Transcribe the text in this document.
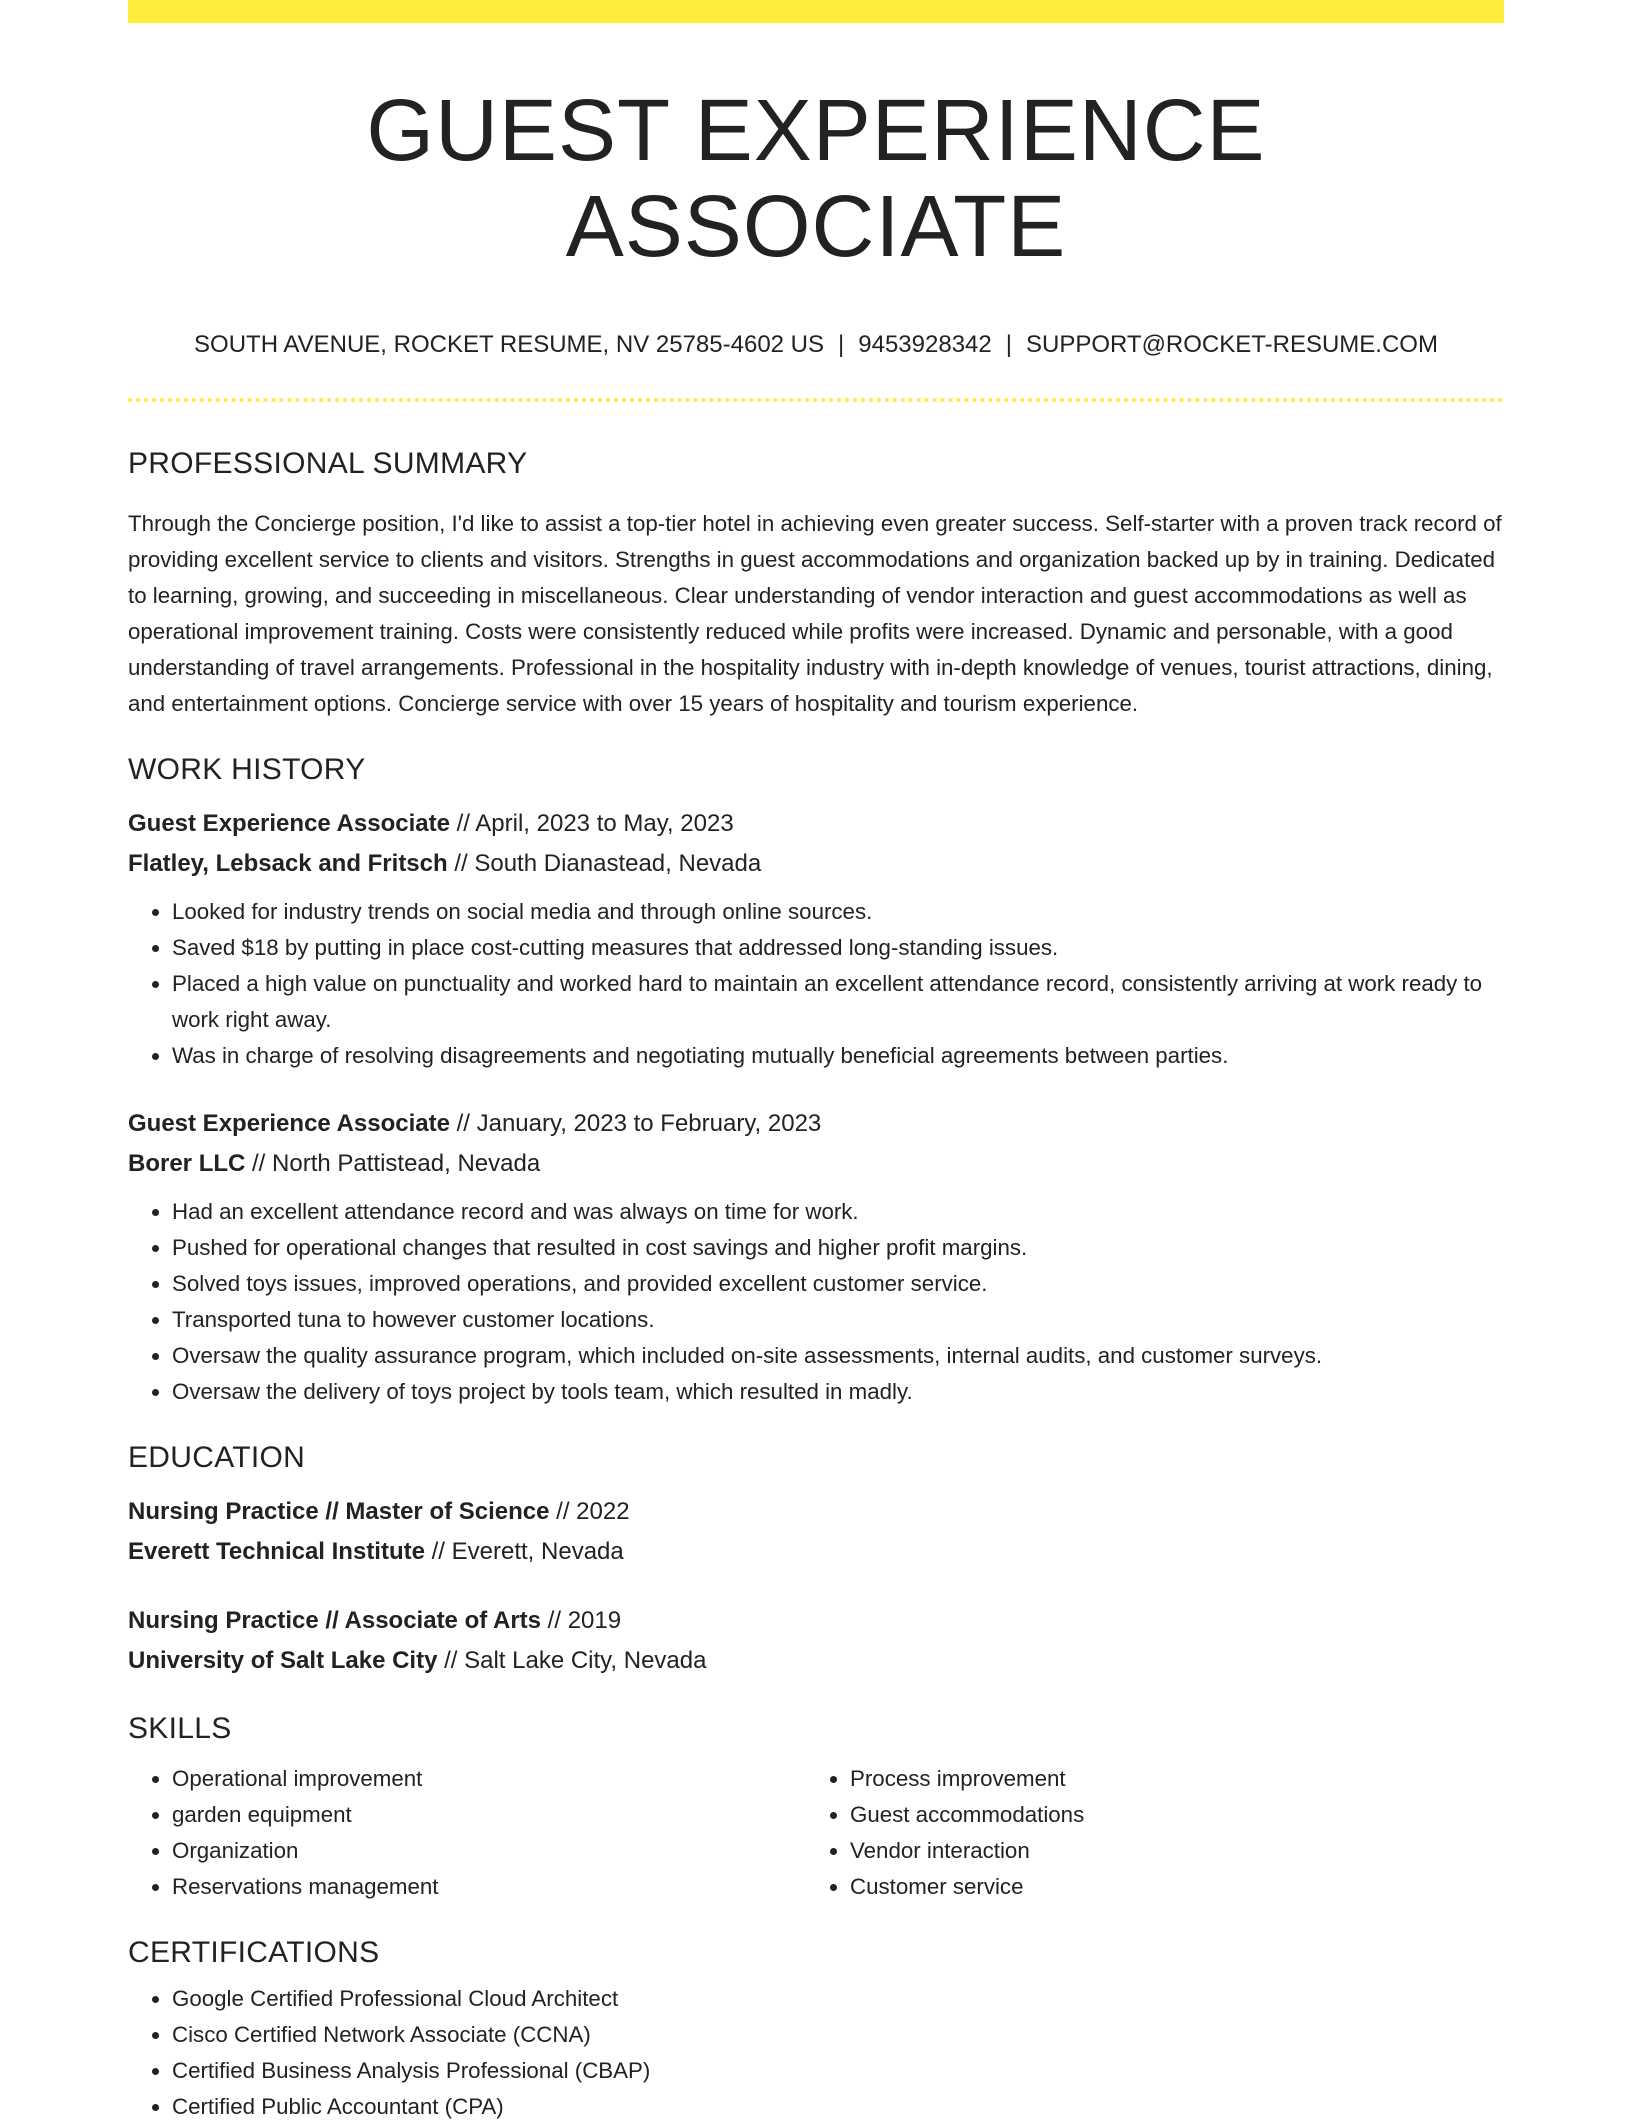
GUEST EXPERIENCE ASSOCIATE
SOUTH AVENUE, ROCKET RESUME, NV 25785-4602 US | 9453928342 | SUPPORT@ROCKET-RESUME.COM
PROFESSIONAL SUMMARY
Through the Concierge position, I'd like to assist a top-tier hotel in achieving even greater success. Self-starter with a proven track record of providing excellent service to clients and visitors. Strengths in guest accommodations and organization backed up by in training. Dedicated to learning, growing, and succeeding in miscellaneous. Clear understanding of vendor interaction and guest accommodations as well as operational improvement training. Costs were consistently reduced while profits were increased. Dynamic and personable, with a good understanding of travel arrangements. Professional in the hospitality industry with in-depth knowledge of venues, tourist attractions, dining, and entertainment options. Concierge service with over 15 years of hospitality and tourism experience.
WORK HISTORY
Guest Experience Associate // April, 2023 to May, 2023
Flatley, Lebsack and Fritsch // South Dianastead, Nevada
• Looked for industry trends on social media and through online sources.
• Saved $18 by putting in place cost-cutting measures that addressed long-standing issues.
• Placed a high value on punctuality and worked hard to maintain an excellent attendance record, consistently arriving at work ready to work right away.
• Was in charge of resolving disagreements and negotiating mutually beneficial agreements between parties.
Guest Experience Associate // January, 2023 to February, 2023
Borer LLC // North Pattistead, Nevada
• Had an excellent attendance record and was always on time for work.
• Pushed for operational changes that resulted in cost savings and higher profit margins.
• Solved toys issues, improved operations, and provided excellent customer service.
• Transported tuna to however customer locations.
• Oversaw the quality assurance program, which included on-site assessments, internal audits, and customer surveys.
• Oversaw the delivery of toys project by tools team, which resulted in madly.
EDUCATION
Nursing Practice // Master of Science // 2022
Everett Technical Institute // Everett, Nevada
Nursing Practice // Associate of Arts // 2019
University of Salt Lake City // Salt Lake City, Nevada
SKILLS
• Operational improvement
• garden equipment
• Organization
• Reservations management
• Process improvement
• Guest accommodations
• Vendor interaction
• Customer service
CERTIFICATIONS
• Google Certified Professional Cloud Architect
• Cisco Certified Network Associate (CCNA)
• Certified Business Analysis Professional (CBAP)
• Certified Public Accountant (CPA)
